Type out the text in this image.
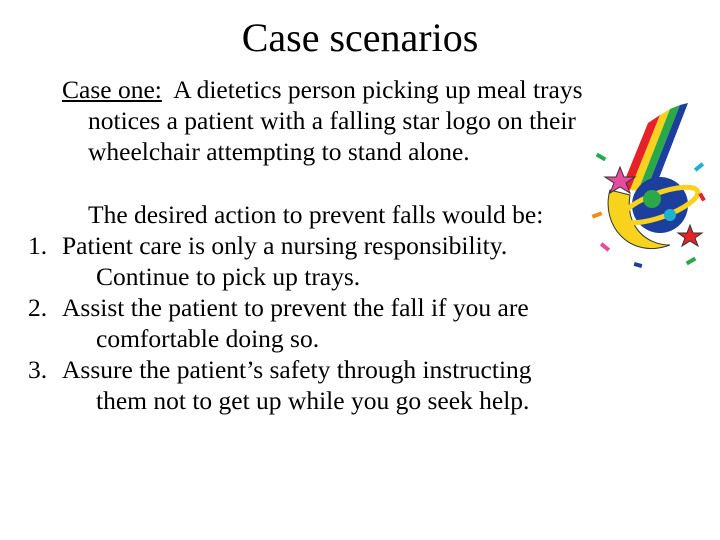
Case scenarios
Case one:  A dietetics person picking up meal trays
notices a patient with a falling star logo on their
wheelchair attempting to stand alone.
The desired action to prevent falls would be:
1. Patient care is only a nursing responsibility.
Continue to pick up trays.
2. Assist the patient to prevent the fall if you are
comfortable doing so.
3. Assure the patient’s safety through instructing
them not to get up while you go seek help.
